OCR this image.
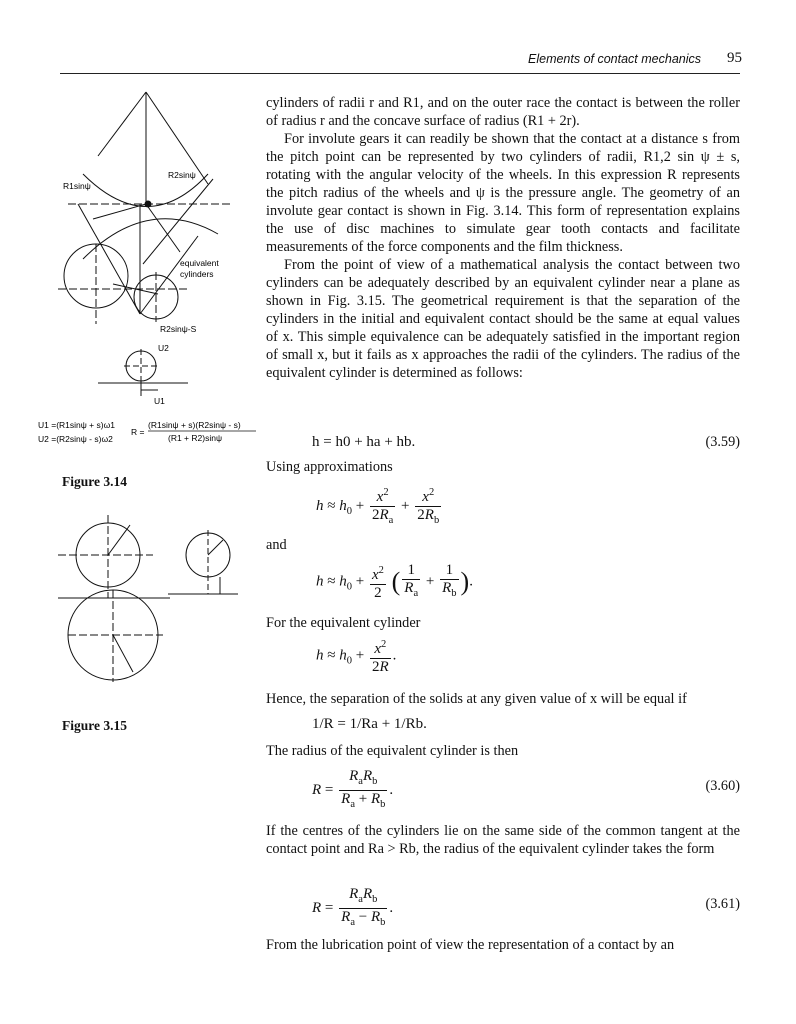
Elements of contact mechanics 95
equivalent
cylinders
R1sinψ
R2sinψ
R2sinψ-S
U2
U1
U1 =(R1sinψ + s)ω1
U2 =(R2sinψ - s)ω2
R =
(R1sinψ + s)(R2sinψ - s)
(R1 + R2)sinψ
Figure 3.14
Figure 3.15

cylinders of radii r and R1, and on the outer race the contact is between the roller of radius r and the concave surface of radius (R1 + 2r).

For involute gears it can readily be shown that the contact at a distance s from the pitch point can be represented by two cylinders of radii, R1,2 sin ψ ± s, rotating with the angular velocity of the wheels. In this expression R represents the pitch radius of the wheels and ψ is the pressure angle. The geometry of an involute gear contact is shown in Fig. 3.14. This form of representation explains the use of disc machines to simulate gear tooth contacts and facilitate measurements of the force components and the film thickness.

From the point of view of a mathematical analysis the contact between two cylinders can be adequately described by an equivalent cylinder near a plane as shown in Fig. 3.15. The geometrical requirement is that the separation of the cylinders in the initial and equivalent contact should be the same at equal values of x. This simple equivalence can be adequately satisfied in the important region of small x, but it fails as x approaches the radii of the cylinders. The radius of the equivalent cylinder is determined as follows:

h = h0 + ha + hb.	(3.59)
Using approximations
$h \approx h_0 + \frac{x^2}{2R_a} + \frac{x^2}{2R_b}$
and
$h \approx h_0 + \frac{x^2}{2}$ ( $\frac{1}{R_a} + \frac{1}{R_b}$ ).
For the equivalent cylinder
$h \approx h_0 + \frac{x^2}{2R}$ .
Hence, the separation of the solids at any given value of x will be equal if
1/R = 1/Ra + 1/Rb.
The radius of the equivalent cylinder is then
$R = \frac{R_aR_b}{R_a + R_b}$ .	(3.60)
If the centres of the cylinders lie on the same side of the common tangent at the contact point and Ra > Rb, the radius of the equivalent cylinder takes the form
$R = \frac{R_aR_b}{R_a - R_b}$ .	(3.61)
From the lubrication point of view the representation of a contact by an
